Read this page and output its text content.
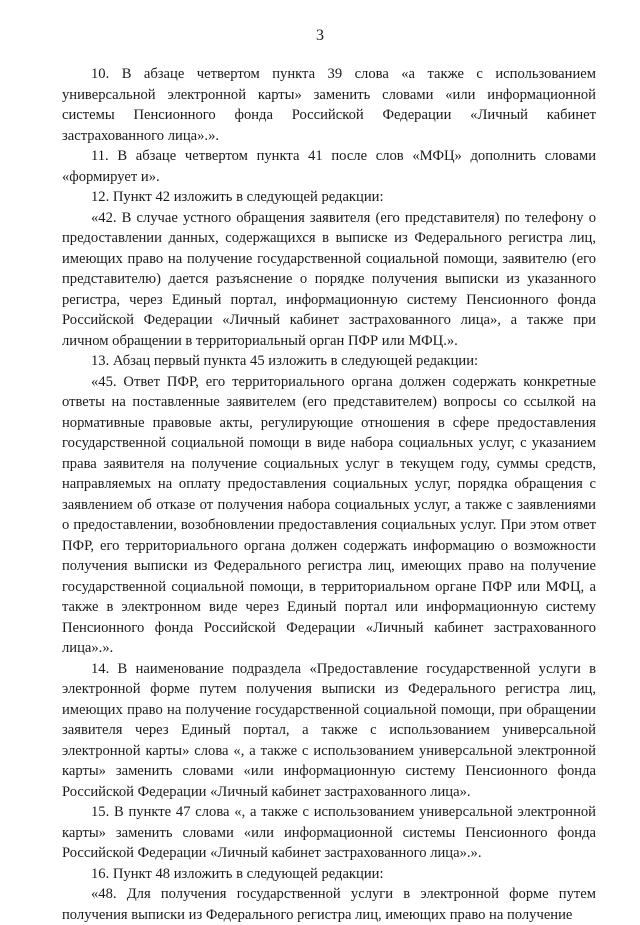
3

10. В абзаце четвертом пункта 39 слова «а также с использованием универсальной электронной карты» заменить словами «или информационной системы Пенсионного фонда Российской Федерации «Личный кабинет застрахованного лица».».

11. В абзаце четвертом пункта 41 после слов «МФЦ» дополнить словами «формирует и».

12. Пункт 42 изложить в следующей редакции:

«42. В случае устного обращения заявителя (его представителя) по телефону о предоставлении данных, содержащихся в выписке из Федерального регистра лиц, имеющих право на получение государственной социальной помощи, заявителю (его представителю) дается разъяснение о порядке получения выписки из указанного регистра, через Единый портал, информационную систему Пенсионного фонда Российской Федерации «Личный кабинет застрахованного лица», а также при личном обращении в территориальный орган ПФР или МФЦ.».

13. Абзац первый пункта 45 изложить в следующей редакции:

«45. Ответ ПФР, его территориального органа должен содержать конкретные ответы на поставленные заявителем (его представителем) вопросы со ссылкой на нормативные правовые акты, регулирующие отношения в сфере предоставления государственной социальной помощи в виде набора социальных услуг, с указанием права заявителя на получение социальных услуг в текущем году, суммы средств, направляемых на оплату предоставления социальных услуг, порядка обращения с заявлением об отказе от получения набора социальных услуг, а также с заявлениями о предоставлении, возобновлении предоставления социальных услуг. При этом ответ ПФР, его территориального органа должен содержать информацию о возможности получения выписки из Федерального регистра лиц, имеющих право на получение государственной социальной помощи, в территориальном органе ПФР или МФЦ, а также в электронном виде через Единый портал или информационную систему Пенсионного фонда Российской Федерации «Личный кабинет застрахованного лица».».

14. В наименование подраздела «Предоставление государственной услуги в электронной форме путем получения выписки из Федерального регистра лиц, имеющих право на получение государственной социальной помощи, при обращении заявителя через Единый портал, а также с использованием универсальной электронной карты» слова «, а также с использованием универсальной электронной карты» заменить словами «или информационную систему Пенсионного фонда Российской Федерации «Личный кабинет застрахованного лица».

15. В пункте 47 слова «, а также с использованием универсальной электронной карты» заменить словами «или информационной системы Пенсионного фонда Российской Федерации «Личный кабинет застрахованного лица».».

16. Пункт 48 изложить в следующей редакции:

«48. Для получения государственной услуги в электронной форме путем получения выписки из Федерального регистра лиц, имеющих право на получение
